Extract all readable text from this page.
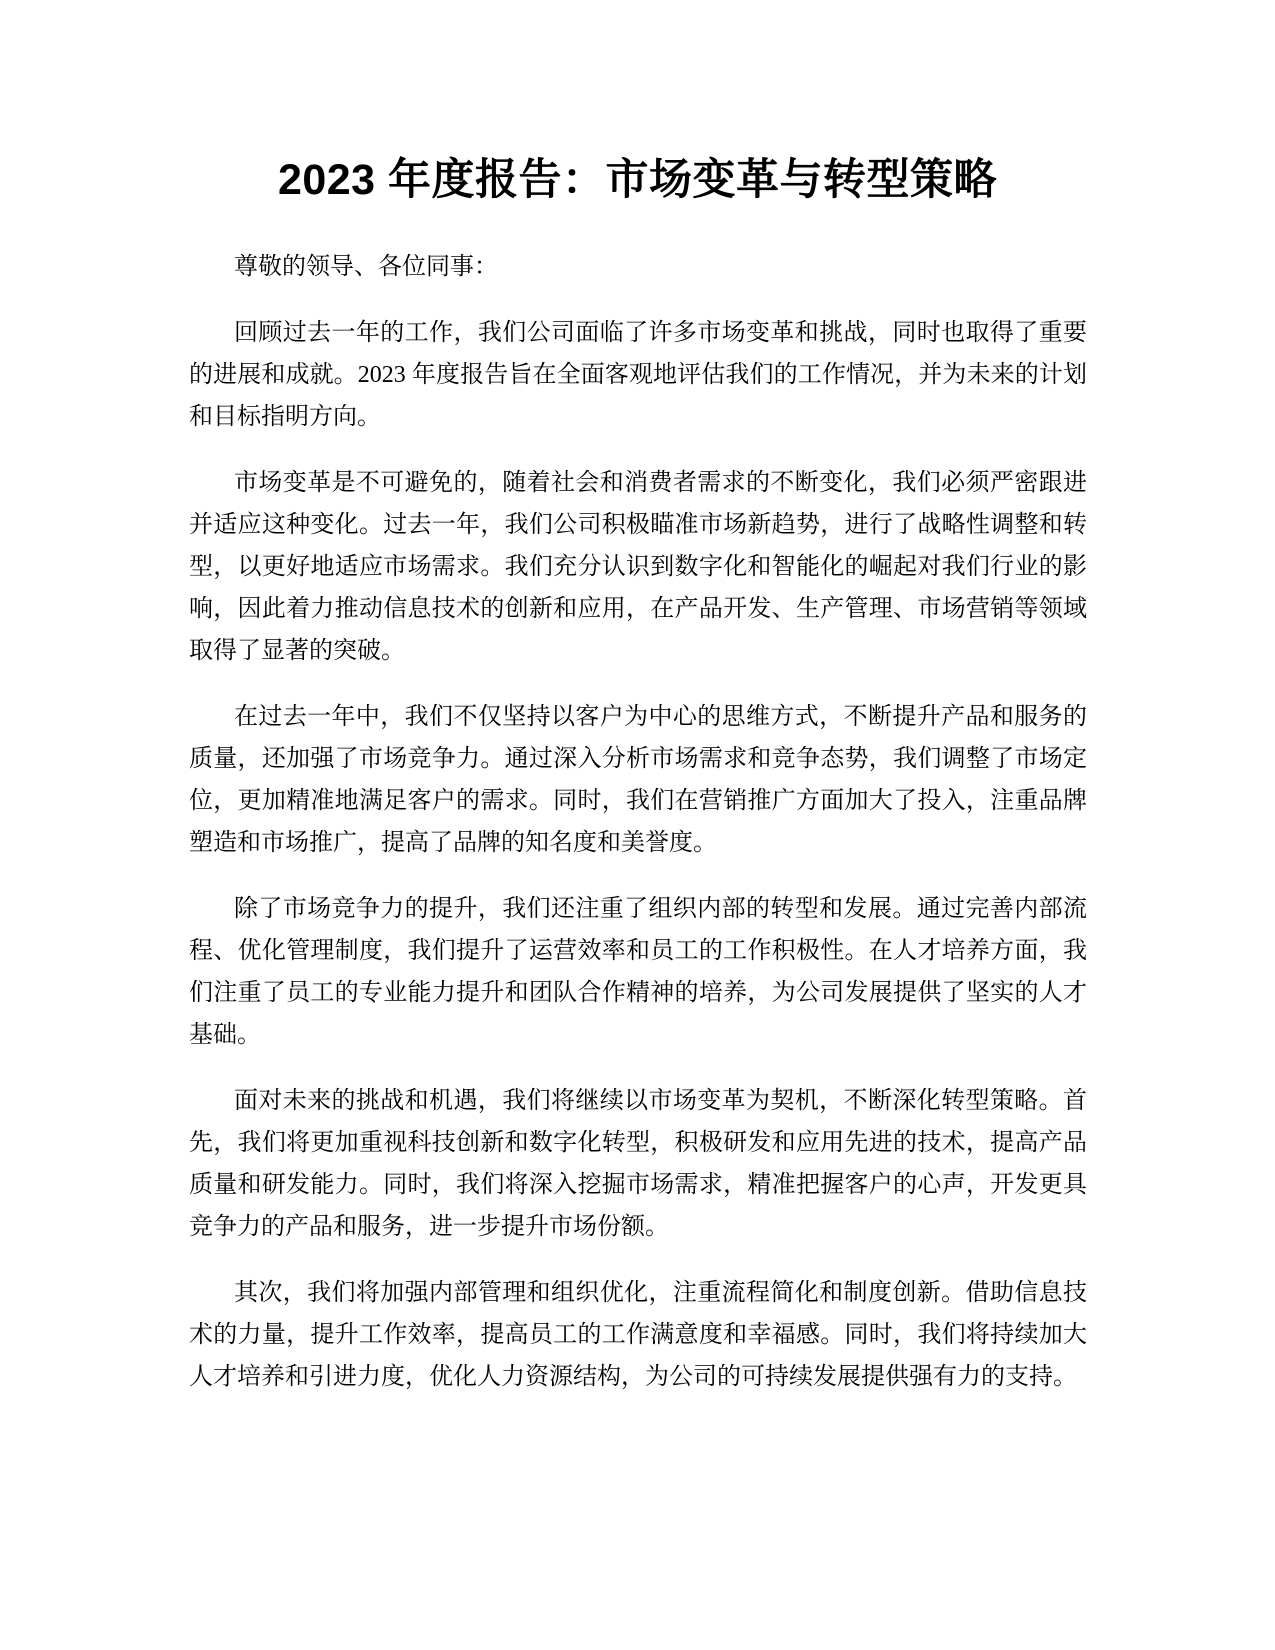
2023 年度报告：市场变革与转型策略

尊敬的领导、各位同事：

回顾过去一年的工作，我们公司面临了许多市场变革和挑战，同时也取得了重要的进展和成就。2023 年度报告旨在全面客观地评估我们的工作情况，并为未来的计划和目标指明方向。

市场变革是不可避免的，随着社会和消费者需求的不断变化，我们必须严密跟进并适应这种变化。过去一年，我们公司积极瞄准市场新趋势，进行了战略性调整和转型，以更好地适应市场需求。我们充分认识到数字化和智能化的崛起对我们行业的影响，因此着力推动信息技术的创新和应用，在产品开发、生产管理、市场营销等领域取得了显著的突破。

在过去一年中，我们不仅坚持以客户为中心的思维方式，不断提升产品和服务的质量，还加强了市场竞争力。通过深入分析市场需求和竞争态势，我们调整了市场定位，更加精准地满足客户的需求。同时，我们在营销推广方面加大了投入，注重品牌塑造和市场推广，提高了品牌的知名度和美誉度。

除了市场竞争力的提升，我们还注重了组织内部的转型和发展。通过完善内部流程、优化管理制度，我们提升了运营效率和员工的工作积极性。在人才培养方面，我们注重了员工的专业能力提升和团队合作精神的培养，为公司发展提供了坚实的人才基础。

面对未来的挑战和机遇，我们将继续以市场变革为契机，不断深化转型策略。首先，我们将更加重视科技创新和数字化转型，积极研发和应用先进的技术，提高产品质量和研发能力。同时，我们将深入挖掘市场需求，精准把握客户的心声，开发更具竞争力的产品和服务，进一步提升市场份额。

其次，我们将加强内部管理和组织优化，注重流程简化和制度创新。借助信息技术的力量，提升工作效率，提高员工的工作满意度和幸福感。同时，我们将持续加大人才培养和引进力度，优化人力资源结构，为公司的可持续发展提供强有力的支持。
